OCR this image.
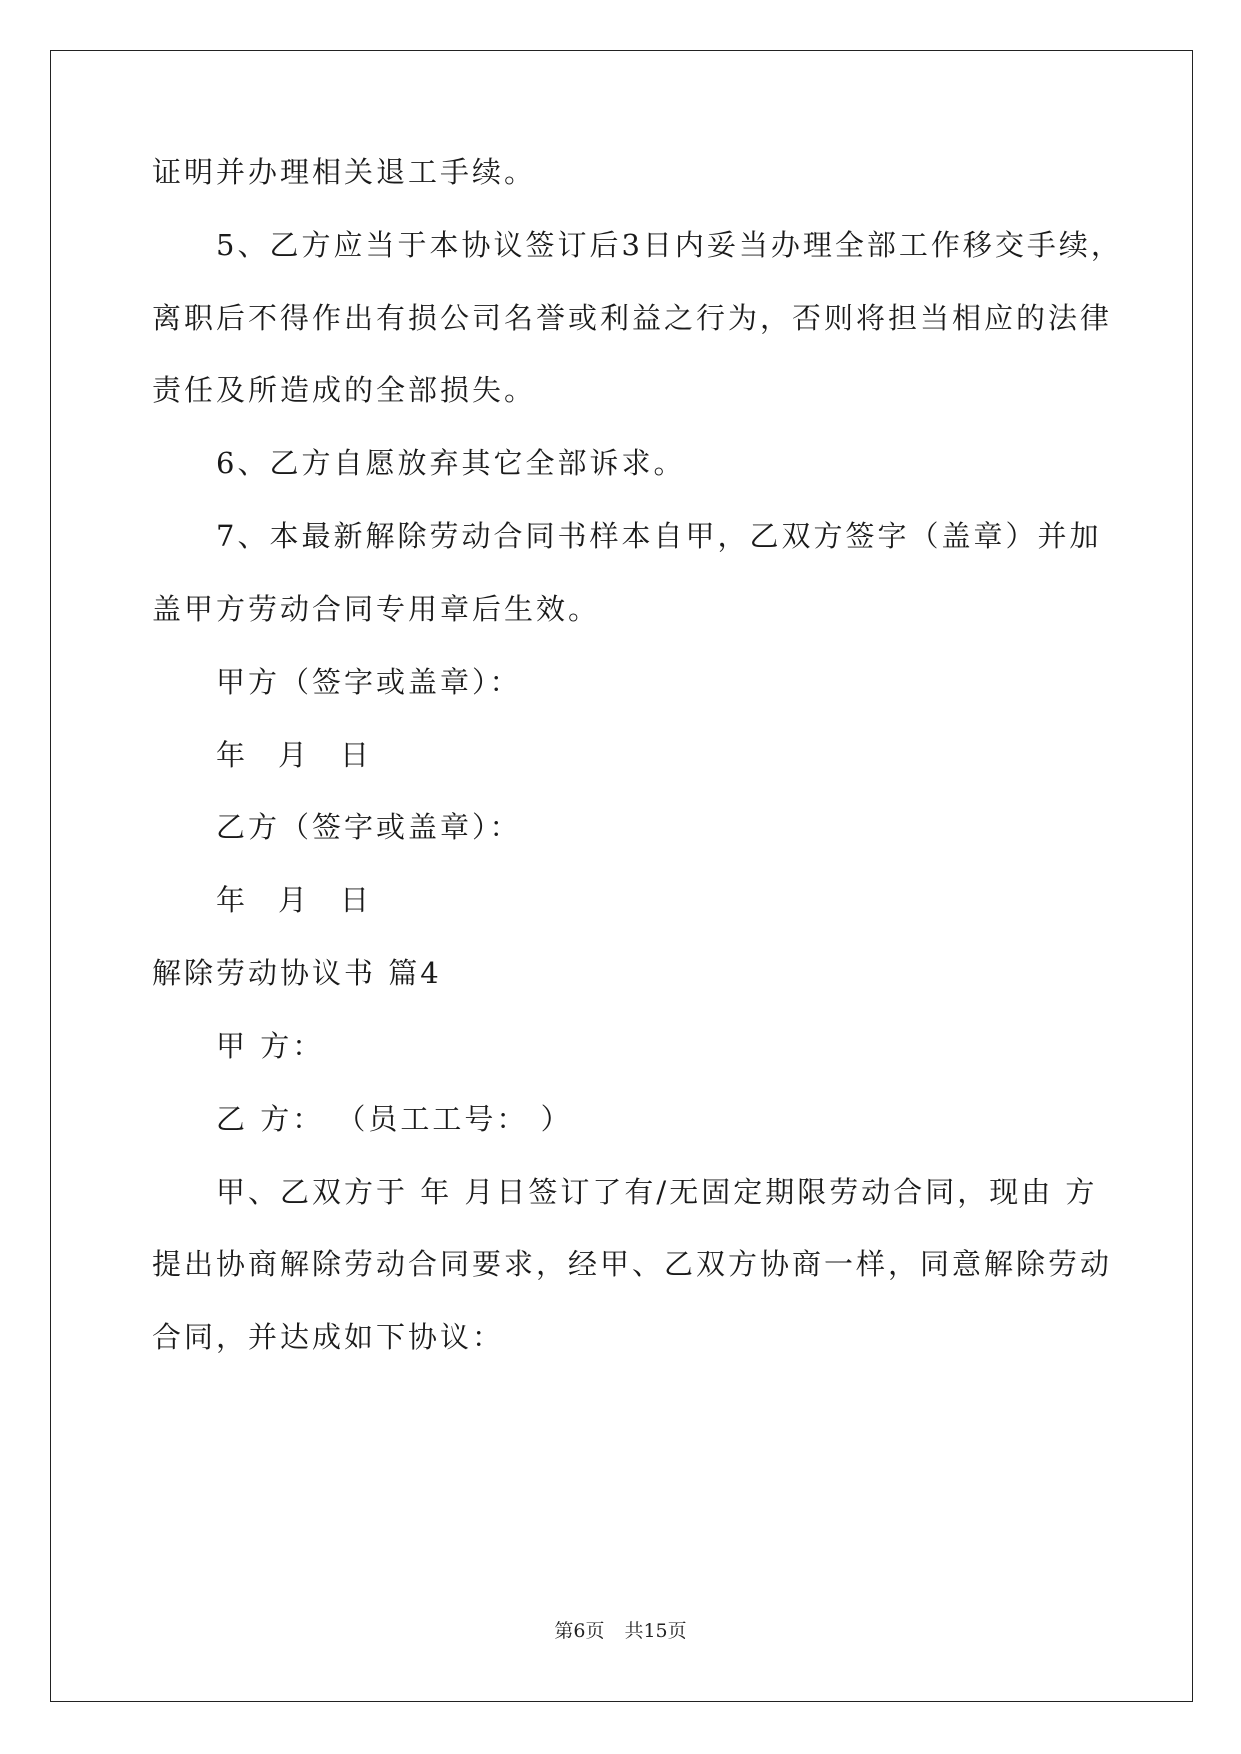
证明并办理相关退工手续。
5、乙方应当于本协议签订后3日内妥当办理全部工作移交手续，
离职后不得作出有损公司名誉或利益之行为，否则将担当相应的法律
责任及所造成的全部损失。
6、乙方自愿放弃其它全部诉求。
7、本最新解除劳动合同书样本自甲，乙双方签字（盖章）并加
盖甲方劳动合同专用章后生效。
甲方（签字或盖章）：
年	月	日
乙方（签字或盖章）：
年	月	日
解除劳动协议书 篇4
甲 方：
乙 方： （员工工号： ）
甲、乙双方于 年 月日签订了有/无固定期限劳动合同，现由 方
提出协商解除劳动合同要求，经甲、乙双方协商一样，同意解除劳动
合同，并达成如下协议：
第6页 共15页
